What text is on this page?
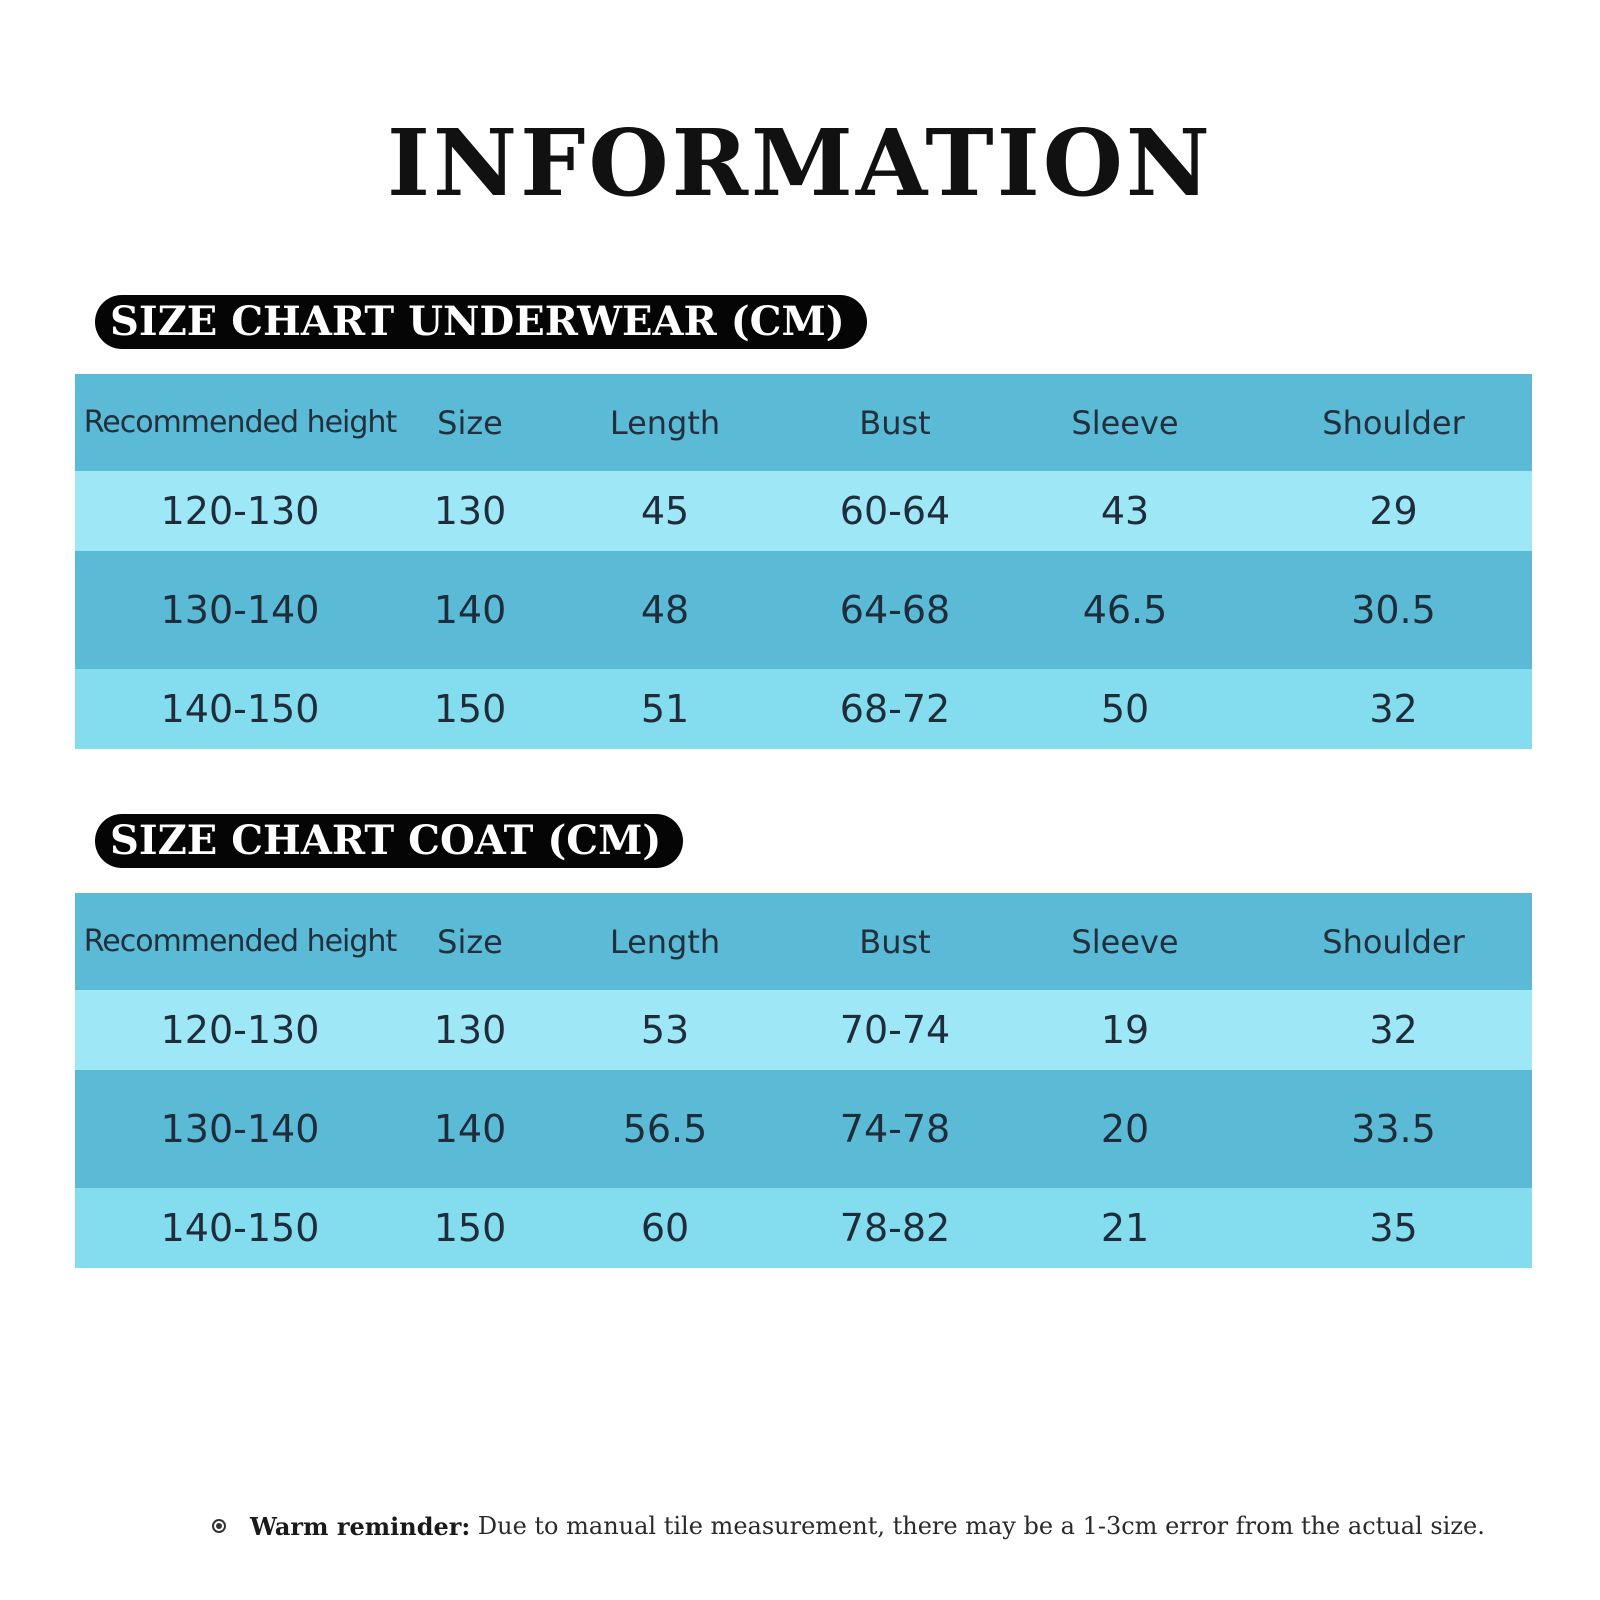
INFORMATION
SIZE CHART UNDERWEAR (CM)
Recommended height	Size	Length	Bust	Sleeve	Shoulder
120-130	130	45	60-64	43	29
130-140	140	48	64-68	46.5	30.5
140-150	150	51	68-72	50	32
SIZE CHART COAT (CM)
Recommended height	Size	Length	Bust	Sleeve	Shoulder
120-130	130	53	70-74	19	32
130-140	140	56.5	74-78	20	33.5
140-150	150	60	78-82	21	35
Warm reminder: Due to manual tile measurement, there may be a 1-3cm error from the actual size.
